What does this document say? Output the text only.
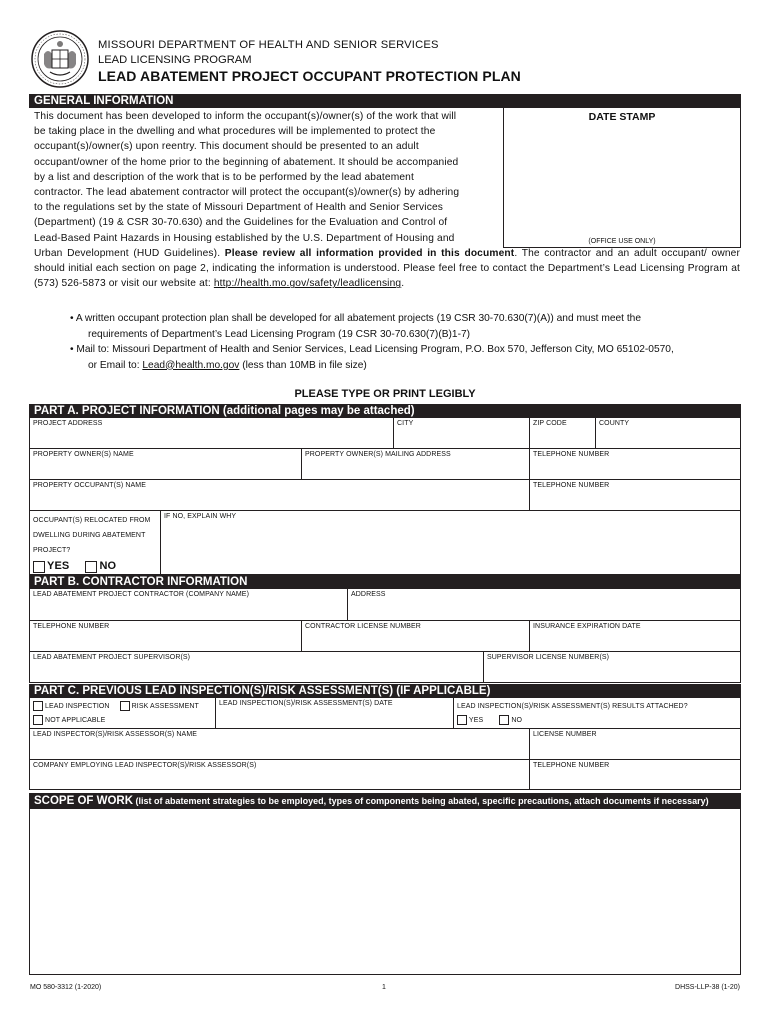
MISSOURI DEPARTMENT OF HEALTH AND SENIOR SERVICES
LEAD LICENSING PROGRAM
LEAD ABATEMENT PROJECT OCCUPANT PROTECTION PLAN
GENERAL INFORMATION
This document has been developed to inform the occupant(s)/owner(s) of the work that will
be taking place in the dwelling and what procedures will be implemented to protect the
occupant(s)/owner(s) upon reentry. This document should be presented to an adult
occupant/owner of the home prior to the beginning of abatement. It should be accompanied
by a list and description of the work that is to be performed by the lead abatement
contractor. The lead abatement contractor will protect the occupant(s)/owner(s) by adhering
to the regulations set by the state of Missouri Department of Health and Senior Services
(Department) (19 & CSR 30-70.630) and the Guidelines for the Evaluation and Control of
Lead-Based Paint Hazards in Housing established by the U.S. Department of Housing and
DATE STAMP
(OFFICE USE ONLY)
Urban Development (HUD Guidelines). Please review all information provided in this document. The contractor and an adult occupant/ owner should initial each section on page 2, indicating the information is understood. Please feel free to contact the Department’s Lead Licensing Program at (573) 526-5873 or visit our website at: http://health.mo.gov/safety/leadlicensing.

• A written occupant protection plan shall be developed for all abatement projects (19 CSR 30-70.630(7)(A)) and must meet the
requirements of Department’s Lead Licensing Program (19 CSR 30-70.630(7)(B)1-7)

• Mail to: Missouri Department of Health and Senior Services, Lead Licensing Program, P.O. Box 570, Jefferson City, MO 65102-0570,
or Email to: Lead@health.mo.gov (less than 10MB in file size)

PLEASE TYPE OR PRINT LEGIBLY
PART A. PROJECT INFORMATION (additional pages may be attached)
PROJECT ADDRESS	CITY	ZIP CODE	COUNTY
PROPERTY OWNER(S) NAME	PROPERTY OWNER(S) MAILING ADDRESS	TELEPHONE NUMBER
PROPERTY OCCUPANT(S) NAME	TELEPHONE NUMBER
OCCUPANT(S) RELOCATED FROM
DWELLING DURING ABATEMENT
PROJECT?
YES	NO
IF NO, EXPLAIN WHY
PART B. CONTRACTOR INFORMATION
LEAD ABATEMENT PROJECT CONTRACTOR (COMPANY NAME)	ADDRESS
TELEPHONE NUMBER	CONTRACTOR LICENSE NUMBER	INSURANCE EXPIRATION DATE
LEAD ABATEMENT PROJECT SUPERVISOR(S)	SUPERVISOR LICENSE NUMBER(S)
PART C. PREVIOUS LEAD INSPECTION(S)/RISK ASSESSMENT(S) (IF APPLICABLE)
LEAD INSPECTION	RISK ASSESSMENT
NOT APPLICABLE
LEAD INSPECTION(S)/RISK ASSESSMENT(S) DATE	LEAD INSPECTION(S)/RISK ASSESSMENT(S) RESULTS ATTACHED?
YES	NO
LEAD INSPECTOR(S)/RISK ASSESSOR(S) NAME	LICENSE NUMBER
COMPANY EMPLOYING LEAD INSPECTOR(S)/RISK ASSESSOR(S)	TELEPHONE NUMBER
SCOPE OF WORK (list of abatement strategies to be employed, types of components being abated, specific precautions, attach documents if necessary)
MO 580-3312 (1-2020)	1	DHSS-LLP-38 (1-20)
